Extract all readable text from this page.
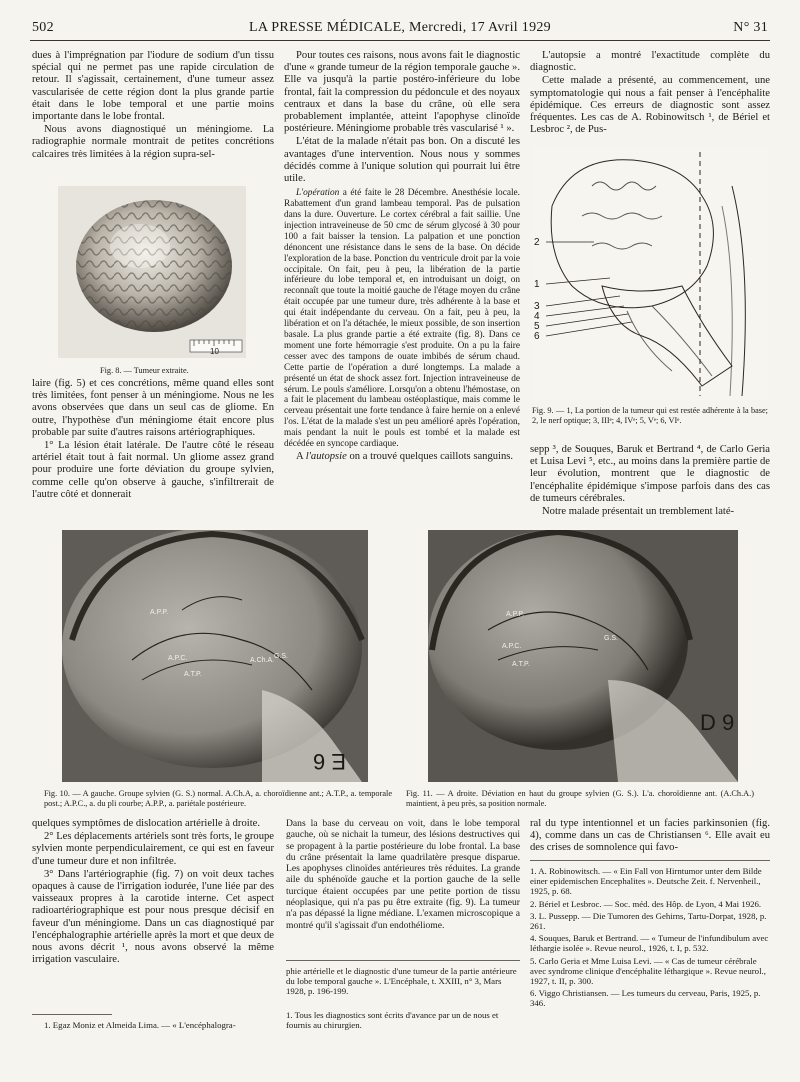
502	LA PRESSE MÉDICALE, Mercredi, 17 Avril 1929	N° 31

dues à l'imprégnation par l'iodure de sodium d'un tissu spécial qui ne permet pas une rapide circulation de retour. Il s'agissait, certainement, d'une tumeur assez vascularisée de cette région dont la plus grande partie était dans le lobe temporal et une partie moins importante dans le lobe frontal.

Nous avons diagnostiqué un méningiome. La radiographie normale montrait de petites concrétions calcaires très limitées à la région supra-sel-

10
Fig. 8. — Tumeur extraite.

laire (fig. 5) et ces concrétions, même quand elles sont très limitées, font penser à un méningiome. Nous ne les avons observées que dans un seul cas de gliome. En outre, l'hypothèse d'un méningiome était encore plus probable par suite d'autres raisons artériographiques.

1° La lésion était latérale. De l'autre côté le réseau artériel était tout à fait normal. Un gliome assez grand pour produire une forte déviation du groupe sylvien, comme celle qu'on observe à gauche, s'infiltrerait de l'autre côté et donnerait

Pour toutes ces raisons, nous avons fait le diagnostic d'une « grande tumeur de la région temporale gauche ». Elle va jusqu'à la partie postéro-inférieure du lobe frontal, fait la compression du pédoncule et des noyaux centraux et dans la base du crâne, où elle sera probablement implantée, atteint l'apophyse clinoïde postérieure. Méningiome probable très vascularisé ¹ ».

L'état de la malade n'était pas bon. On a discuté les avantages d'une intervention. Nous nous y sommes décidés comme à l'unique solution qui pourrait lui être utile.

L'opération a été faite le 28 Décembre. Anesthésie locale. Rabattement d'un grand lambeau temporal. Pas de pulsation dans la dure. Ouverture. Le cortex cérébral a fait saillie. Une injection intraveineuse de 50 cmc de sérum glycosé à 30 pour 100 a fait baisser la tension. La palpation et une ponction dénoncent une résistance dans le sens de la base. On décide l'exploration de la base. Ponction du ventricule droit par la voie occipitale. On fait, peu à peu, la libération de la partie inférieure du lobe temporal et, en introduisant un doigt, on reconnaît que toute la moitié gauche de l'étage moyen du crâne était occupée par une tumeur dure, très adhérente à la base et qui était indépendante du cerveau. On a fait, peu à peu, la libération et on l'a détachée, le mieux possible, de son insertion basale. La plus grande partie a été extraite (fig. 8). Dans ce moment une forte hémorragie s'est produite. On a pu la faire cesser avec des tampons de ouate imbibés de sérum chaud. Cette partie de l'opération a duré longtemps. La malade a présenté un état de shock assez fort. Injection intraveineuse de sérum. Le pouls s'améliore. Lorsqu'on a obtenu l'hémostase, on a fait le placement du lambeau ostéoplastique, mais comme le cerveau présentait une forte tendance à faire hernie on a enlevé l'os. L'état de la malade s'est un peu amélioré après l'opération, mais pendant la nuit le pouls est tombé et la malade est décédée en syncope cardiaque.

A l'autopsie on a trouvé quelques caillots sanguins.

L'autopsie a montré l'exactitude complète du diagnostic.

Cette malade a présenté, au commencement, une symptomatologie qui nous a fait penser à l'encéphalite épidémique. Ces erreurs de diagnostic sont assez fréquentes. Les cas de A. Robinowitsch ¹, de Bériel et Lesbroc ², de Pus-

2
1
3
4
5
6
Fig. 9. — 1, La portion de la tumeur qui est restée adhérente à la base; 2, le nerf optique; 3, IIIᵉ; 4, IVᵉ; 5, Vᵉ; 6, VIᵉ.

sepp ³, de Souques, Baruk et Bertrand ⁴, de Carlo Geria et Luisa Levi ⁵, etc., au moins dans la première partie de leur évolution, montrent que le diagnostic de l'encéphalite épidémique s'impose parfois dans des cas de tumeurs cérébrales.

Notre malade présentait un tremblement laté-

A.P.P.
A.P.C.
A.T.P.
A.Ch.A.
G.S.
E 6
A.P.P.
A.P.C.
A.T.P.
G.S.
D 9
Fig. 10. — A gauche. Groupe sylvien (G. S.) normal. A.Ch.A, a. choroïdienne ant.; A.T.P., a. temporale post.; A.P.C., a. du pli courbe; A.P.P., a. pariétale postérieure.
Fig. 11. — A droite. Déviation en haut du groupe sylvien (G. S.). L'a. choroïdienne ant. (A.Ch.A.) maintient, à peu près, sa position normale.

quelques symptômes de dislocation artérielle à droite.

2° Les déplacements artériels sont très forts, le groupe sylvien monte perpendiculairement, ce qui est en faveur d'une tumeur dure et non infiltrée.

3° Dans l'artériographie (fig. 7) on voit deux taches opaques à cause de l'irrigation iodurée, l'une liée par des vaisseaux propres à la carotide interne. Cet aspect radioartériographique est pour nous presque décisif en faveur d'un méningiome. Dans un cas diagnostiqué par l'encéphalographie artérielle après la mort et que deux de nous avons décrit ¹, nous avons observé la même irrigation vasculaire.

1. Egaz Moniz et Almeida Lima. — « L'encéphalogra-

Dans la base du cerveau on voit, dans le lobe temporal gauche, où se nichait la tumeur, des lésions destructives qui se propagent à la partie postérieure du lobe frontal. La base du crâne présentait la lame quadrilatère presque disparue. Les apophyses clinoïdes antérieures très réduites. La grande aile du sphénoïde gauche et la portion gauche de la selle turcique étaient occupées par une petite portion de tissu néoplasique, qui n'a pas pu être extraite (fig. 9). La tumeur n'a pas dépassé la ligne médiane. L'examen microscopique a montré qu'il s'agissait d'un endothéliome.

phie artérielle et le diagnostic d'une tumeur de la partie antérieure du lobe temporal gauche ». L'Encéphale, t. XXIII, n° 3, Mars 1928, p. 196-199.
1. Tous les diagnostics sont écrits d'avance par un de nous et fournis au chirurgien.

ral du type intentionnel et un facies parkinsonien (fig. 4), comme dans un cas de Christiansen ⁶. Elle avait eu des crises de somnolence qui favo-

1. A. Robinowitsch. — « Ein Fall von Hirntumor unter dem Bilde einer epidemischen Encephalites ». Deutsche Zeit. f. Nervenheil., 1925, p. 68.
2. Bériel et Lesbroc. — Soc. méd. des Hôp. de Lyon, 4 Mai 1926.
3. L. Pussepp. — Die Tumoren des Gehirns, Tartu-Dorpat, 1928, p. 261.
4. Souques, Baruk et Bertrand. — « Tumeur de l'infundibulum avec léthargie isolée ». Revue neurol., 1926, t. I, p. 532.
5. Carlo Geria et Mme Luisa Levi. — « Cas de tumeur cérébrale avec syndrome clinique d'encéphalite léthargique ». Revue neurol., 1927, t. II, p. 300.
6. Viggo Christiansen. — Les tumeurs du cerveau, Paris, 1925, p. 346.
